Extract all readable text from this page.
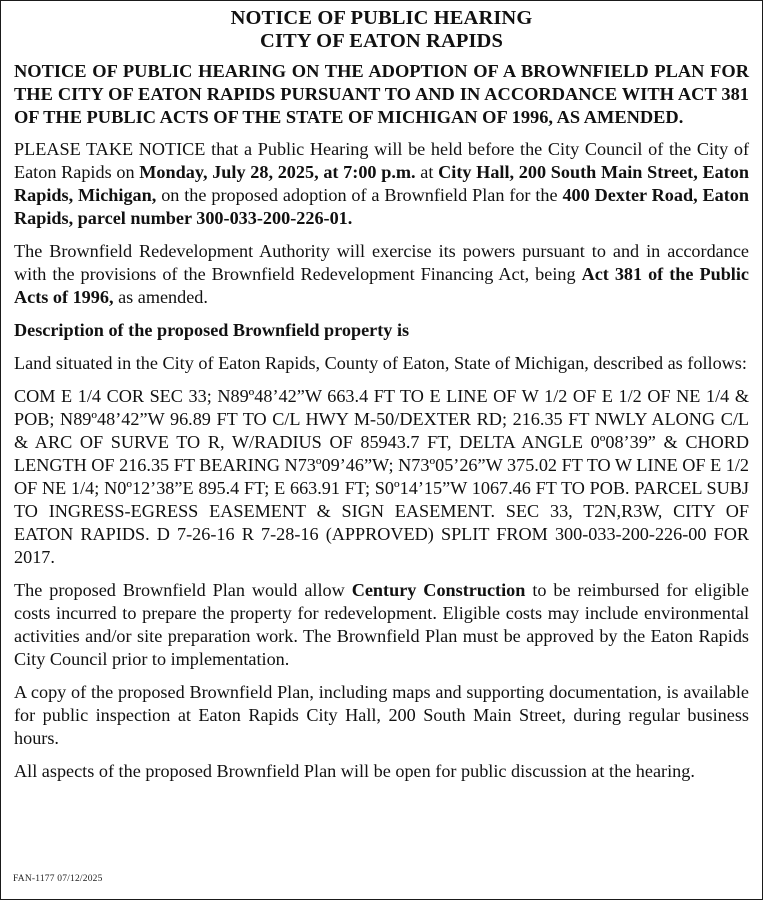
NOTICE OF PUBLIC HEARING
CITY OF EATON RAPIDS

NOTICE OF PUBLIC HEARING ON THE ADOPTION OF A BROWNFIELD PLAN FOR THE CITY OF EATON RAPIDS PURSUANT TO AND IN ACCORDANCE WITH ACT 381 OF THE PUBLIC ACTS OF THE STATE OF MICHIGAN OF 1996, AS AMENDED.

PLEASE TAKE NOTICE that a Public Hearing will be held before the City Council of the City of Eaton Rapids on Monday, July 28, 2025, at 7:00 p.m. at City Hall, 200 South Main Street, Eaton Rapids, Michigan, on the proposed adoption of a Brownfield Plan for the 400 Dexter Road, Eaton Rapids, parcel number 300-033-200-226-01.

The Brownfield Redevelopment Authority will exercise its powers pursuant to and in accordance with the provisions of the Brownfield Redevelopment Financing Act, being Act 381 of the Public Acts of 1996, as amended.

Description of the proposed Brownfield property is

Land situated in the City of Eaton Rapids, County of Eaton, State of Michigan, described as follows:

COM E 1/4 COR SEC 33; N89º48’42”W 663.4 FT TO E LINE OF W 1/2 OF E 1/2 OF NE 1/4 & POB; N89º48’42”W 96.89 FT TO C/L HWY M-50/DEXTER RD; 216.35 FT NWLY ALONG C/L & ARC OF SURVE TO R, W/RADIUS OF 85943.7 FT, DELTA ANGLE 0º08’39” & CHORD LENGTH OF 216.35 FT BEARING N73º09’46”W; N73º05’26”W 375.02 FT TO W LINE OF E 1/2 OF NE 1/4; N0º12’38”E 895.4 FT; E 663.91 FT; S0º14’15”W 1067.46 FT TO POB. PARCEL SUBJ TO INGRESS-EGRESS EASEMENT & SIGN EASEMENT. SEC 33, T2N,R3W, CITY OF EATON RAPIDS. D 7-26-16 R 7-28-16 (APPROVED) SPLIT FROM 300-033-200-226-00 FOR 2017.

The proposed Brownfield Plan would allow Century Construction to be reimbursed for eligible costs incurred to prepare the property for redevelopment. Eligible costs may include environmental activities and/or site preparation work. The Brownfield Plan must be approved by the Eaton Rapids City Council prior to implementation.

A copy of the proposed Brownfield Plan, including maps and supporting documentation, is available for public inspection at Eaton Rapids City Hall, 200 South Main Street, during regular business hours.

All aspects of the proposed Brownfield Plan will be open for public discussion at the hearing.

FAN-1177 07/12/2025
